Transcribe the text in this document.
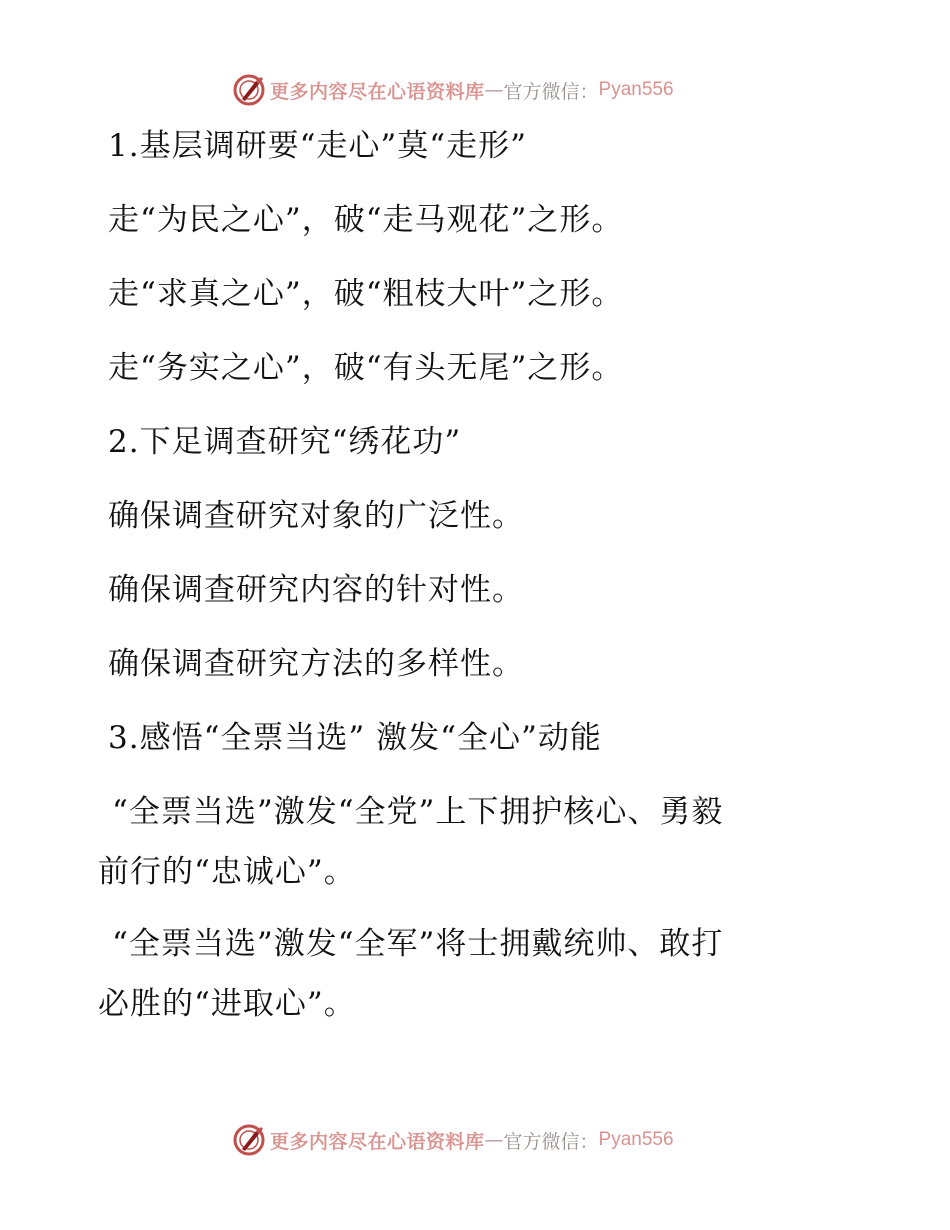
更多内容尽在心语资料库 — 官方微信： Pyan556
1.基层调研要“走心”莫“走形”
走“为民之心”，破“走马观花”之形。
走“求真之心”，破“粗枝大叶”之形。
走“务实之心”，破“有头无尾”之形。
2.下足调查研究“绣花功”
确保调查研究对象的广泛性。
确保调查研究内容的针对性。
确保调查研究方法的多样性。
3.感悟“全票当选” 激发“全心”动能
“全票当选”激发“全党”上下拥护核心、勇毅
前行的“忠诚心”。
“全票当选”激发“全军”将士拥戴统帅、敢打
必胜的“进取心”。
更多内容尽在心语资料库 — 官方微信： Pyan556
